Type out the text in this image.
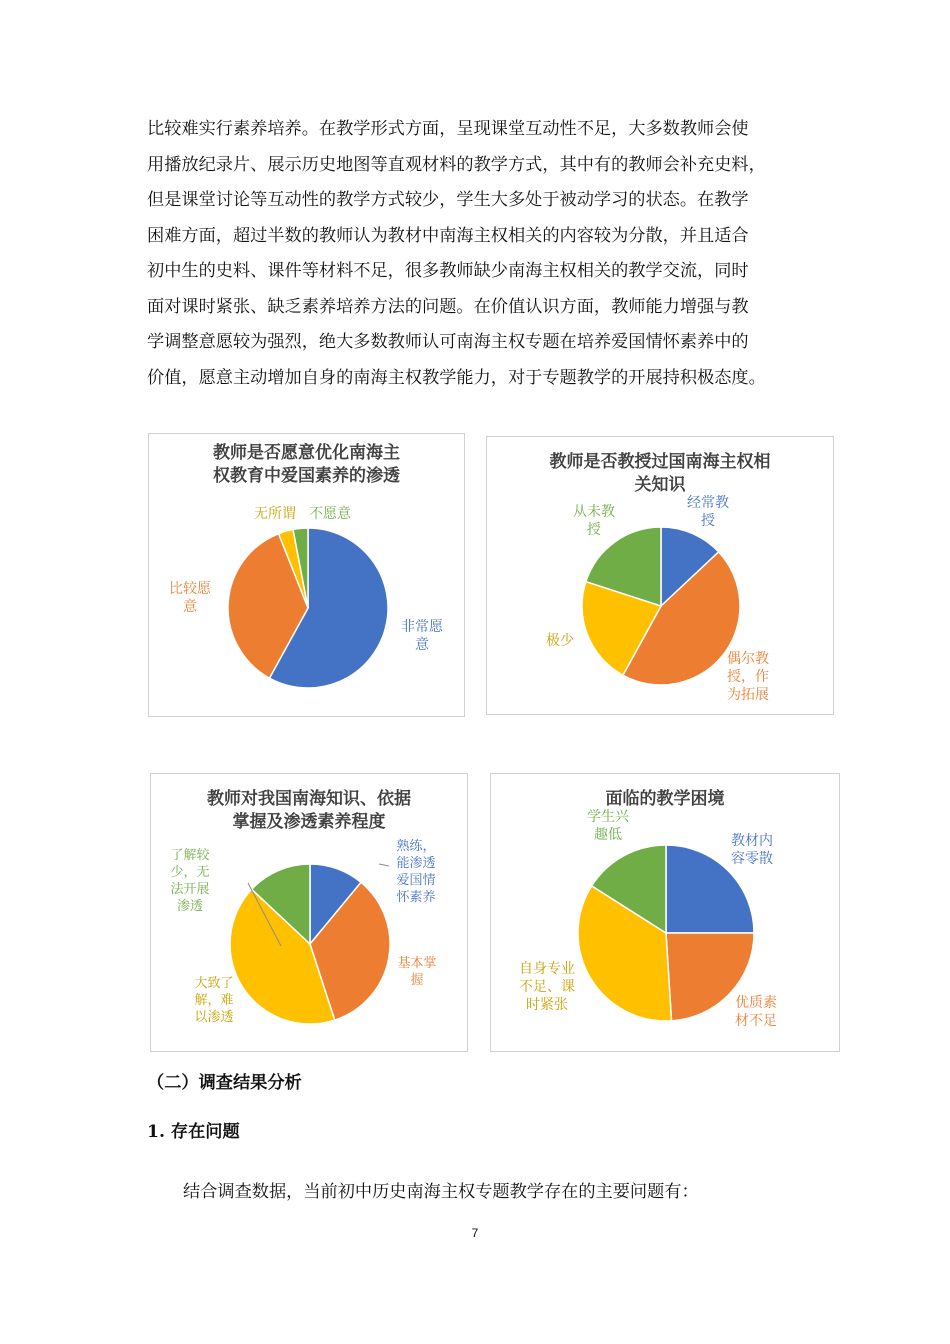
比较难实行素养培养。在教学形式方面，呈现课堂互动性不足，大多数教师会使

用播放纪录片、展示历史地图等直观材料的教学方式，其中有的教师会补充史料，

但是课堂讨论等互动性的教学方式较少，学生大多处于被动学习的状态。在教学

困难方面，超过半数的教师认为教材中南海主权相关的内容较为分散，并且适合

初中生的史料、课件等材料不足，很多教师缺少南海主权相关的教学交流，同时

面对课时紧张、缺乏素养培养方法的问题。在价值认识方面，教师能力增强与教

学调整意愿较为强烈，绝大多数教师认可南海主权专题在培养爱国情怀素养中的

价值，愿意主动增加自身的南海主权教学能力，对于专题教学的开展持积极态度。

教师是否愿意优化南海主
权教育中爱国素养的渗透
非常愿
意
比较愿
意
无所谓 不愿意
教师是否教授过国南海主权相
关知识
经常教
授
偶尔教
授，作
为拓展
极少
从未教
授
教师对我国南海知识、依据
掌握及渗透素养程度
熟练，
能渗透
爱国情
怀素养
基本掌
握
大致了
解，难
以渗透
了解较
少，无
法开展
渗透
面临的教学困境
教材内
容零散
优质素
材不足
自身专业
不足、课
时紧张
学生兴
趣低
（二）调查结果分析
1. 存在问题
结合调查数据，当前初中历史南海主权专题教学存在的主要问题有：
7
